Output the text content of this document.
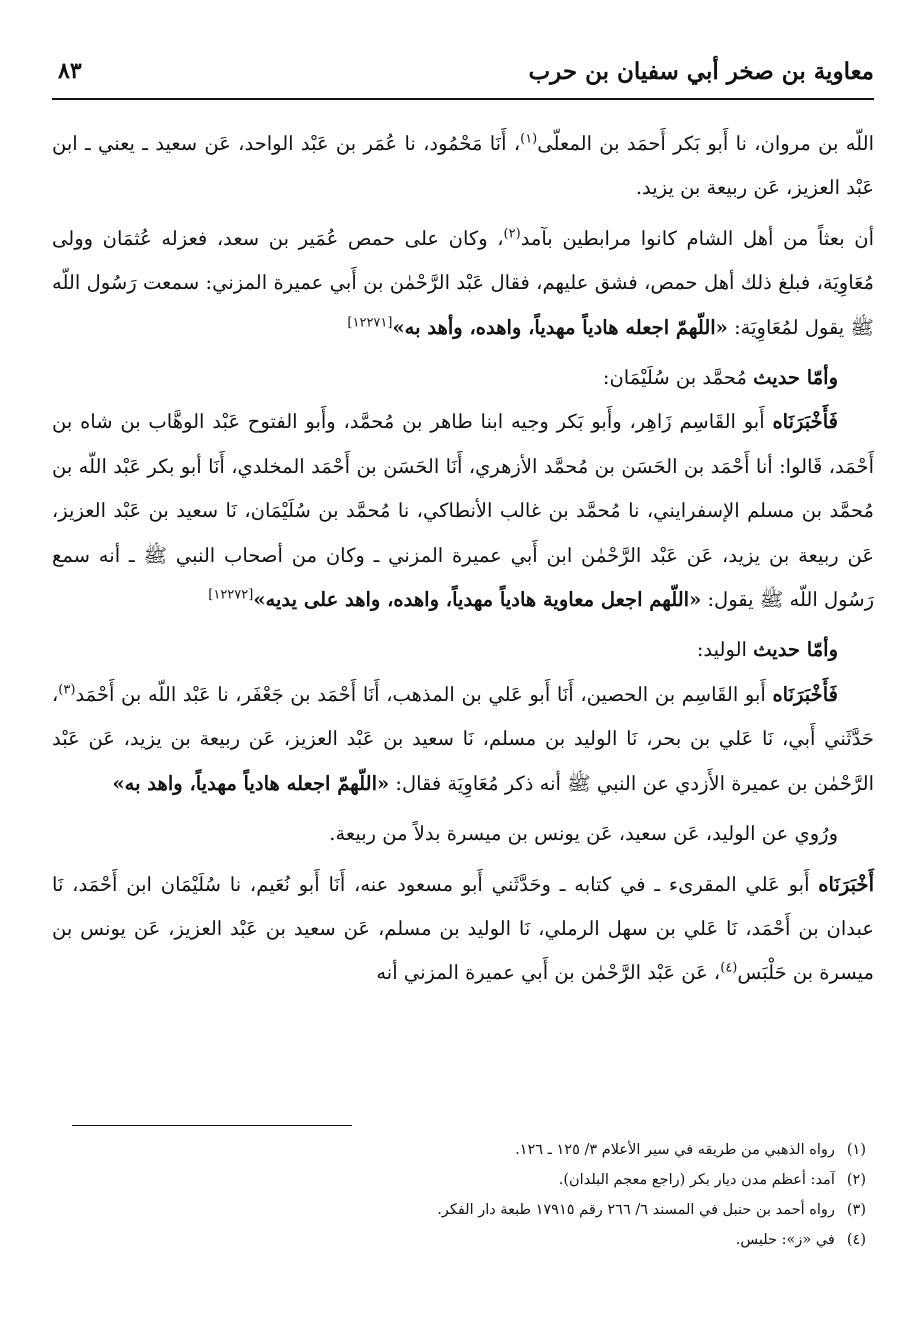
معاوية بن صخر أبي سفيان بن حرب
٨٣

اللّه بن مروان، نا أَبو بَكر أَحمَد بن المعلّى$^{(١)}$، أَنَا مَحْمُود، نا عُمَر بن عَبْد الواحد، عَن سعيد ـ يعني ـ ابن عَبْد العزيز، عَن ربيعة بن يزيد.

أن بعثاً من أهل الشام كانوا مرابطين بآمد$^{(٢)}$، وكان على حمص عُمَير بن سعد، فعزله عُثمَان وولى مُعَاوِيَة، فبلغ ذلك أهل حمص، فشق عليهم، فقال عَبْد الرَّحْمٰن بن أَبي عميرة المزني: سمعت رَسُول اللّه ﷺ يقول لمُعَاوِيَة: «اللّهمّ اجعله هادياً مهدياً، واهده، وأهد به»[١٢٢٧١]

وأمّا حديث مُحمَّد بن سُلَيْمَان:

فَأَخْبَرَنَاه أَبو القَاسِم زَاهِر، وأَبو بَكر وجيه ابنا طاهر بن مُحمَّد، وأَبو الفتوح عَبْد الوهَّاب بن شاه بن أَحْمَد، قَالوا: أنا أَحْمَد بن الحَسَن بن مُحمَّد الأزهري، أَنَا الحَسَن بن أَحْمَد المخلدي، أَنَا أبو بكر عَبْد اللّه بن مُحمَّد بن مسلم الإسفرايني، نا مُحمَّد بن غالب الأنطاكي، نا مُحمَّد بن سُلَيْمَان، نَا سعيد بن عَبْد العزيز، عَن ربيعة بن يزيد، عَن عَبْد الرَّحْمٰن ابن أَبي عميرة المزني ـ وكان من أصحاب النبي ﷺ ـ أنه سمع رَسُول اللّه ﷺ يقول: «اللّهم اجعل معاوية هادياً مهدياً، واهده، واهد على يديه»[١٢٢٧٢]

وأمّا حديث الوليد:

فَأَخْبَرَنَاه أَبو القَاسِم بن الحصين، أَنَا أَبو عَلي بن المذهب، أَنَا أَحْمَد بن جَعْفَر، نا عَبْد اللّه بن أَحْمَد$^{(٣)}$، حَدَّثَني أَبي، نَا عَلي بن بحر، نَا الوليد بن مسلم، نَا سعيد بن عَبْد العزيز، عَن ربيعة بن يزيد، عَن عَبْد الرَّحْمٰن بن عميرة الأَزدي عن النبي ﷺ أنه ذكر مُعَاوِيَة فقال: «اللّهمّ اجعله هادياً مهدياً، واهد به»

ورُوي عن الوليد، عَن سعيد، عَن يونس بن ميسرة بدلاً من ربيعة.

أَخْبَرَنَاه أَبو عَلي المقرىء ـ في كتابه ـ وحَدَّثَني أَبو مسعود عنه، أَنَا أَبو نُعَيم، نا سُلَيْمَان ابن أَحْمَد، نَا عبدان بن أَحْمَد، نَا عَلي بن سهل الرملي، نَا الوليد بن مسلم، عَن سعيد بن عَبْد العزيز، عَن يونس بن ميسرة بن حَلْبَس$^{(٤)}$، عَن عَبْد الرَّحْمٰن بن أَبي عميرة المزني أنه

(١)رواه الذهبي من طريقه في سير الأعلام ٣/ ١٢٥ ـ ١٢٦.
(٢)آمد: أعظم مدن ديار بكر (راجع معجم البلدان).
(٣)رواه أحمد بن حنبل في المسند ٦/ ٢٦٦ رقم ١٧٩١٥ طبعة دار الفكر.
(٤)في «ز»: حليس.
